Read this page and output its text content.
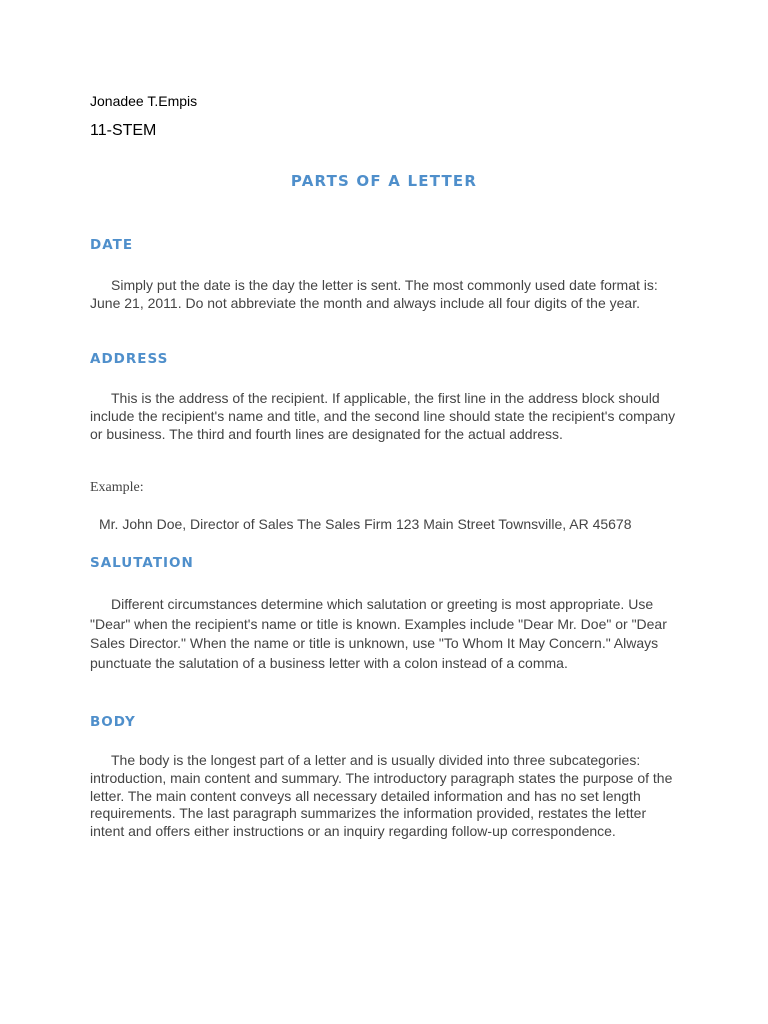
Jonadee T.Empis
11-STEM
PARTS OF A LETTER
DATE
Simply put the date is the day the letter is sent. The most commonly used date format is: June 21, 2011. Do not abbreviate the month and always include all four digits of the year.
ADDRESS
This is the address of the recipient. If applicable, the first line in the address block should include the recipient's name and title, and the second line should state the recipient's company or business. The third and fourth lines are designated for the actual address.
Example:
Mr. John Doe, Director of Sales The Sales Firm 123 Main Street Townsville, AR 45678
SALUTATION
Different circumstances determine which salutation or greeting is most appropriate. Use "Dear" when the recipient's name or title is known. Examples include "Dear Mr. Doe" or "Dear Sales Director." When the name or title is unknown, use "To Whom It May Concern." Always punctuate the salutation of a business letter with a colon instead of a comma.
BODY
The body is the longest part of a letter and is usually divided into three subcategories: introduction, main content and summary. The introductory paragraph states the purpose of the letter. The main content conveys all necessary detailed information and has no set length requirements. The last paragraph summarizes the information provided, restates the letter intent and offers either instructions or an inquiry regarding follow-up correspondence.
